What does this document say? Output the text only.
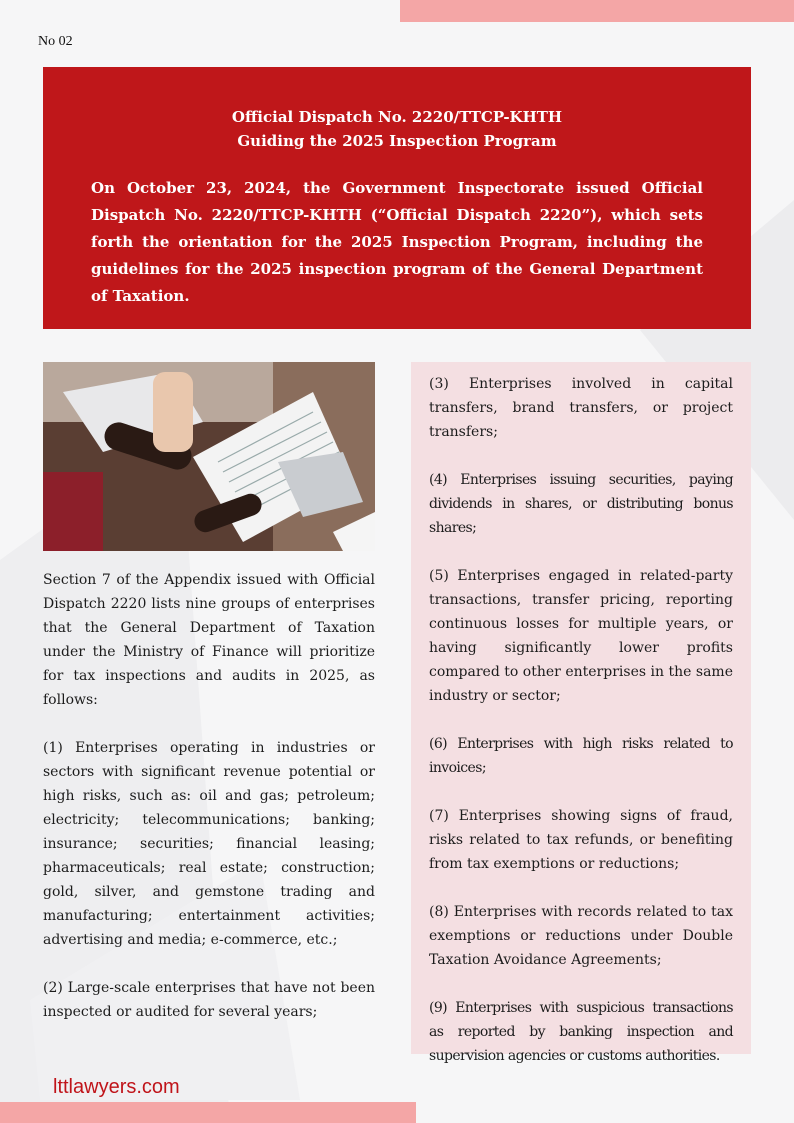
No 02
Official Dispatch No. 2220/TTCP-KHTH
Guiding the 2025 Inspection Program
On October 23, 2024, the Government Inspectorate issued Official Dispatch No. 2220/TTCP-KHTH (“Official Dispatch 2220”), which sets forth the orientation for the 2025 Inspection Program, including the guidelines for the 2025 inspection program of the General Department of Taxation.

Section 7 of the Appendix issued with Official Dispatch 2220 lists nine groups of enterprises that the General Department of Taxation under the Ministry of Finance will prioritize for tax inspections and audits in 2025, as follows:

(1) Enterprises operating in industries or sectors with significant revenue potential or high risks, such as: oil and gas; petroleum; electricity; telecommunications; banking; insurance; securities; financial leasing; pharmaceuticals; real estate; construction; gold, silver, and gemstone trading and manufacturing; entertainment activities; advertising and media; e-commerce, etc.;

(2) Large-scale enterprises that have not been inspected or audited for several years;

(3) Enterprises involved in capital transfers, brand transfers, or project transfers;

(4) Enterprises issuing securities, paying dividends in shares, or distributing bonus shares;

(5) Enterprises engaged in related-party transactions, transfer pricing, reporting continuous losses for multiple years, or having significantly lower profits compared to other enterprises in the same industry or sector;

(6) Enterprises with high risks related to invoices;

(7) Enterprises showing signs of fraud, risks related to tax refunds, or benefiting from tax exemptions or reductions;

(8) Enterprises with records related to tax exemptions or reductions under Double Taxation Avoidance Agreements;

(9) Enterprises with suspicious transactions as reported by banking inspection and supervision agencies or customs authorities.

lttlawyers.com
